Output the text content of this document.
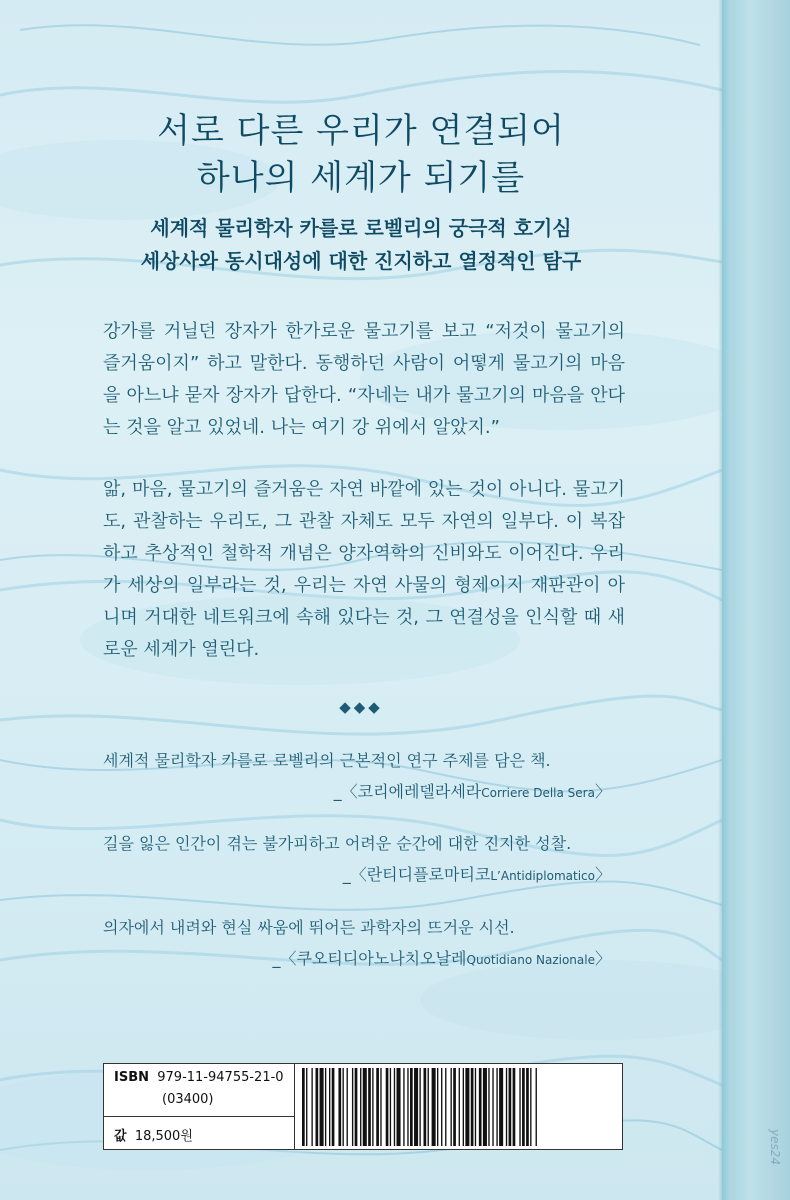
서로 다른 우리가 연결되어
하나의 세계가 되기를
세계적 물리학자 카를로 로벨리의 궁극적 호기심
세상사와 동시대성에 대한 진지하고 열정적인 탐구

강가를 거닐던 장자가 한가로운 물고기를 보고 “저것이 물고기의 즐거움이지” 하고 말한다. 동행하던 사람이 어떻게 물고기의 마음을 아느냐 묻자 장자가 답한다. “자네는 내가 물고기의 마음을 안다는 것을 알고 있었네. 나는 여기 강 위에서 알았지.”

앎, 마음, 물고기의 즐거움은 자연 바깥에 있는 것이 아니다. 물고기도, 관찰하는 우리도, 그 관찰 자체도 모두 자연의 일부다. 이 복잡하고 추상적인 철학적 개념은 양자역학의 신비와도 이어진다. 우리가 세상의 일부라는 것, 우리는 자연 사물의 형제이지 재판관이 아니며 거대한 네트워크에 속해 있다는 것, 그 연결성을 인식할 때 새로운 세계가 열린다.

◆◆◆
세계적 물리학자 카를로 로벨리의 근본적인 연구 주제를 담은 책.
_〈코리에레델라세라Corriere Della Sera〉
길을 잃은 인간이 겪는 불가피하고 어려운 순간에 대한 진지한 성찰.
_〈란티디플로마티코L’Antidiplomatico〉
의자에서 내려와 현실 싸움에 뛰어든 과학자의 뜨거운 시선.
_〈쿠오티디아노나치오날레Quotidiano Nazionale〉
ISBN 979-11-94755-21-0
(03400)
값 18,500원	yes24
